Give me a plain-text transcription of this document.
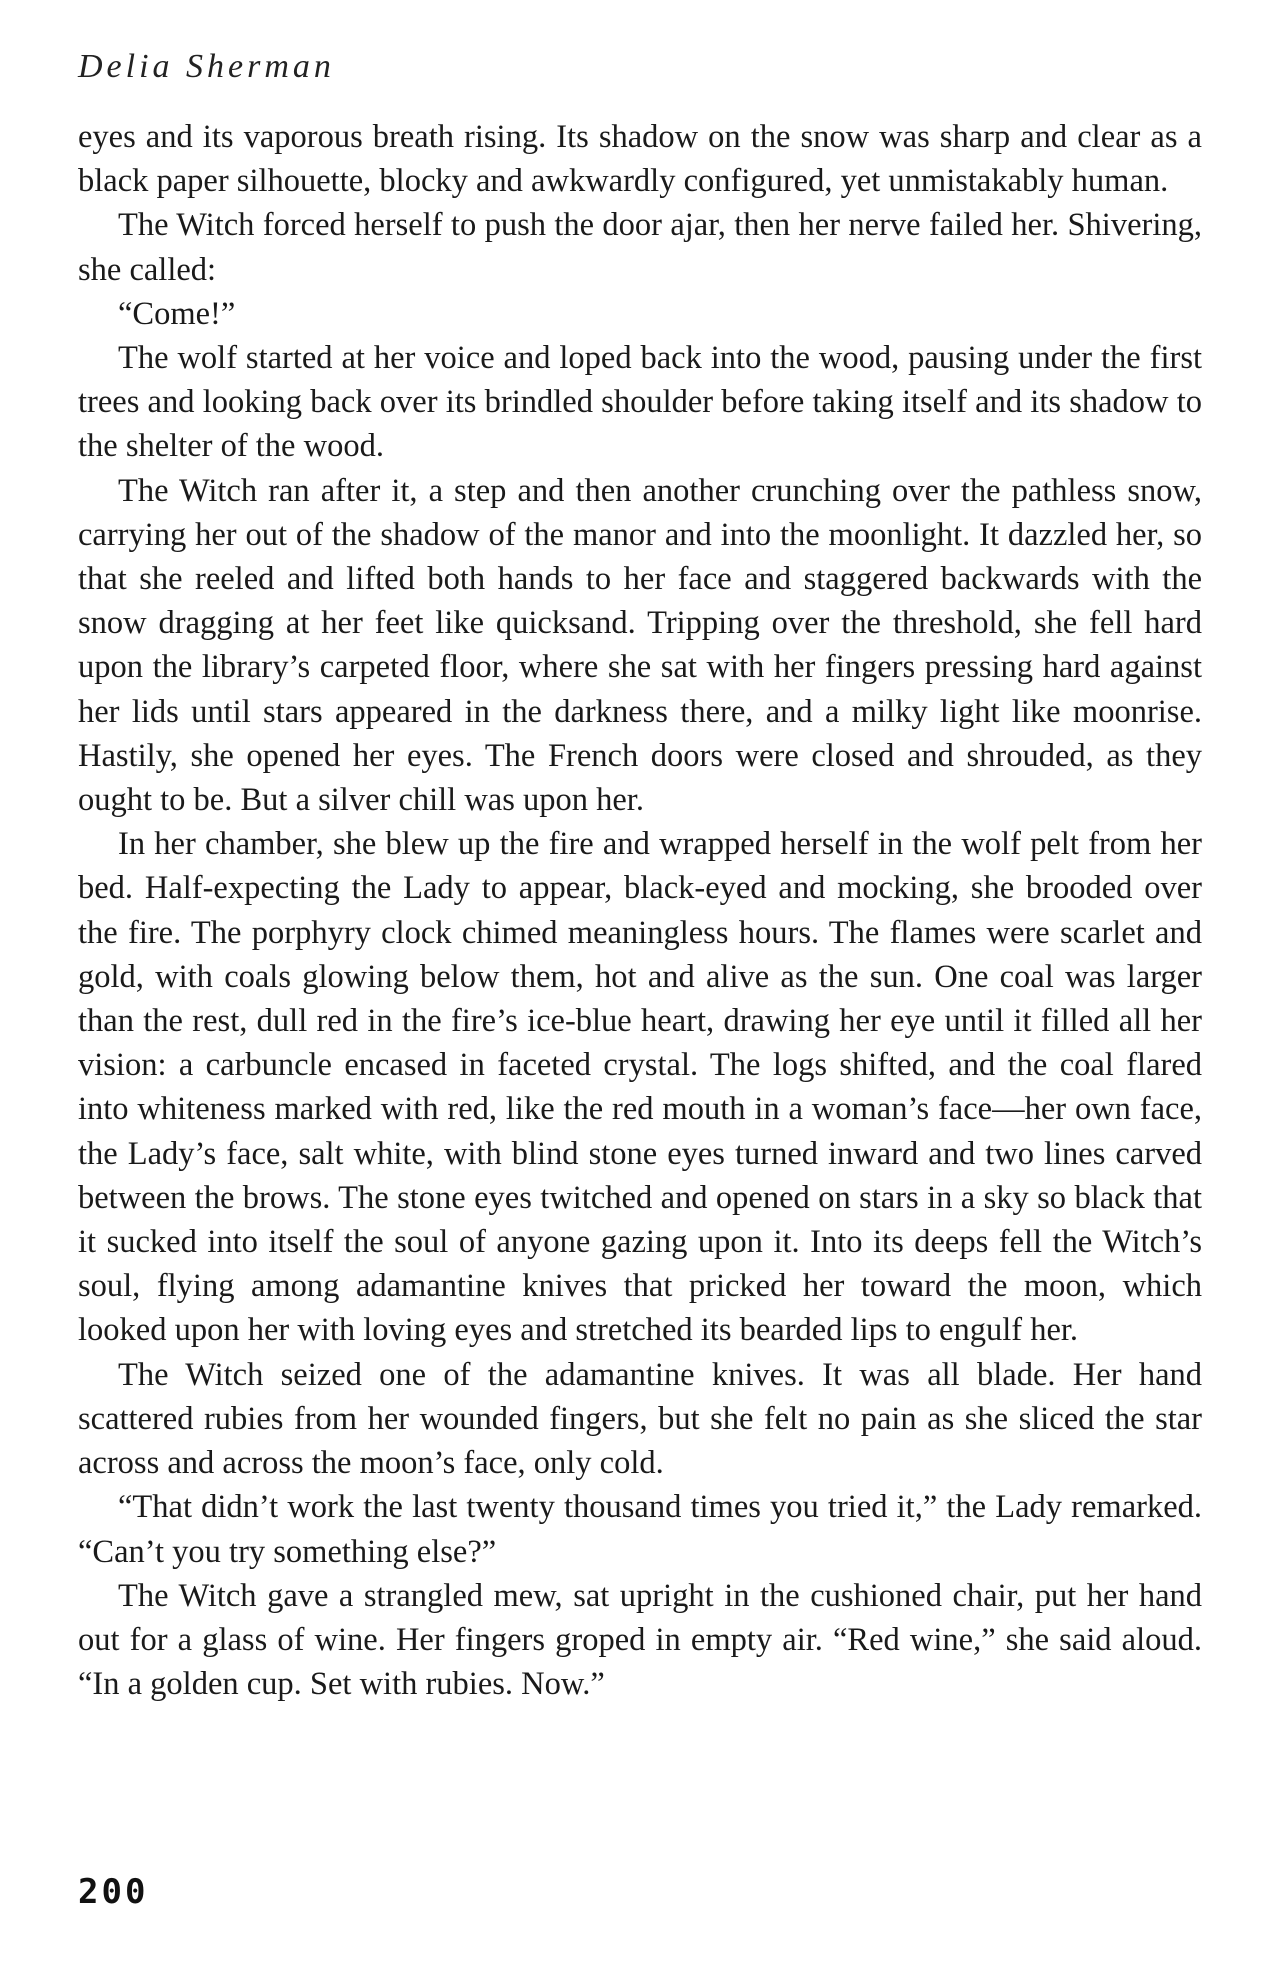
Delia Sherman

eyes and its vaporous breath rising. Its shadow on the snow was sharp and clear as a black paper silhouette, blocky and awkwardly configured, yet unmistakably human.

The Witch forced herself to push the door ajar, then her nerve failed her. Shivering, she called:

“Come!”

The wolf started at her voice and loped back into the wood, pausing under the first trees and looking back over its brindled shoulder before taking itself and its shadow to the shelter of the wood.

The Witch ran after it, a step and then another crunching over the pathless snow, carrying her out of the shadow of the manor and into the moonlight. It dazzled her, so that she reeled and lifted both hands to her face and staggered backwards with the snow dragging at her feet like quicksand. Tripping over the threshold, she fell hard upon the library’s carpeted floor, where she sat with her fingers pressing hard against her lids until stars appeared in the darkness there, and a milky light like moonrise. Hastily, she opened her eyes. The French doors were closed and shrouded, as they ought to be. But a silver chill was upon her.

In her chamber, she blew up the fire and wrapped herself in the wolf pelt from her bed. Half-expecting the Lady to appear, black-eyed and mocking, she brooded over the fire. The porphyry clock chimed meaningless hours. The flames were scarlet and gold, with coals glowing below them, hot and alive as the sun. One coal was larger than the rest, dull red in the fire’s ice-blue heart, drawing her eye until it filled all her vision: a carbuncle encased in faceted crystal. The logs shifted, and the coal flared into whiteness marked with red, like the red mouth in a woman’s face—her own face, the Lady’s face, salt white, with blind stone eyes turned inward and two lines carved between the brows. The stone eyes twitched and opened on stars in a sky so black that it sucked into itself the soul of anyone gazing upon it. Into its deeps fell the Witch’s soul, flying among adamantine knives that pricked her toward the moon, which looked upon her with loving eyes and stretched its bearded lips to engulf her.

The Witch seized one of the adamantine knives. It was all blade. Her hand scattered rubies from her wounded fingers, but she felt no pain as she sliced the star across and across the moon’s face, only cold.

“That didn’t work the last twenty thousand times you tried it,” the Lady remarked. “Can’t you try something else?”

The Witch gave a strangled mew, sat upright in the cushioned chair, put her hand out for a glass of wine. Her fingers groped in empty air. “Red wine,” she said aloud. “In a golden cup. Set with rubies. Now.”

200
